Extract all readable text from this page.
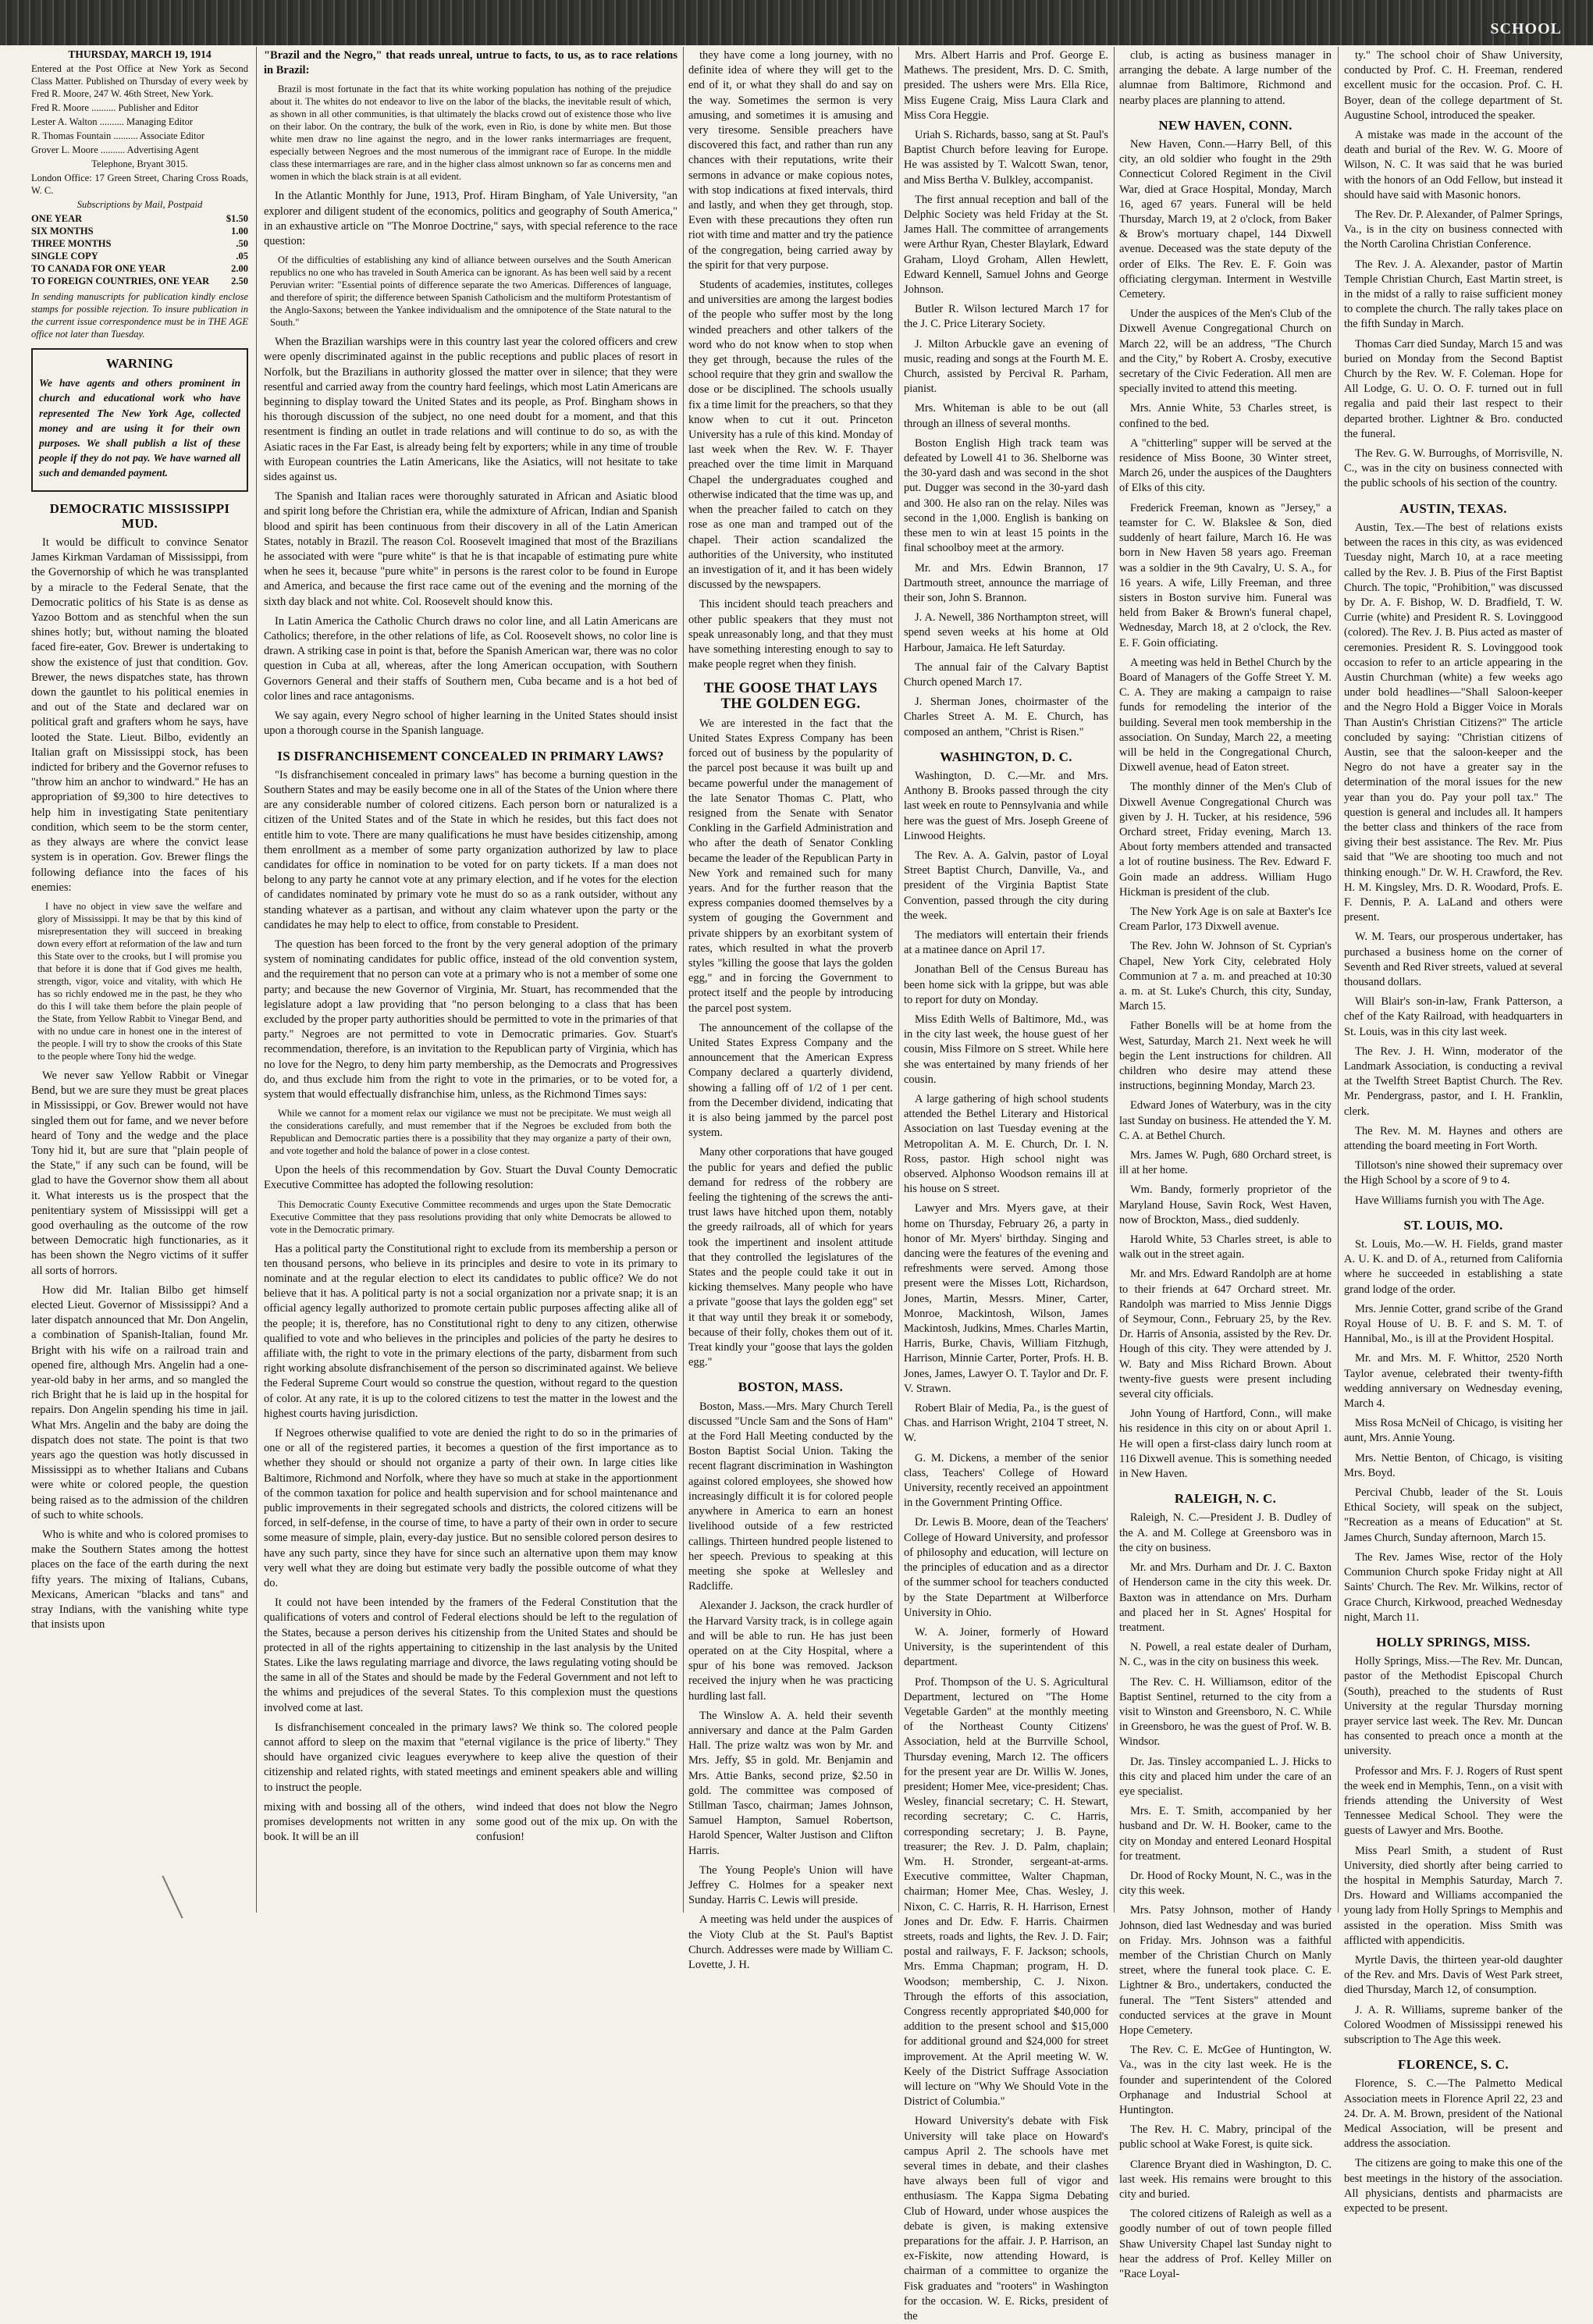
SCHOOL

THURSDAY, MARCH 19, 1914

Entered at the Post Office at New York as Second Class Matter. Published on Thursday of every week by Fred R. Moore, 247 W. 46th Street, New York.

Fred R. Moore .......... Publisher and Editor

Lester A. Walton .......... Managing Editor

R. Thomas Fountain .......... Associate Editor

Grover L. Moore .......... Advertising Agent

Telephone, Bryant 3015.

London Office: 17 Green Street, Charing Cross Roads, W. C.

Subscriptions by Mail, Postpaid

ONE YEAR	$1.50
SIX MONTHS	1.00
THREE MONTHS	.50
SINGLE COPY	.05
TO CANADA FOR ONE YEAR	2.00
TO FOREIGN COUNTRIES, ONE YEAR 2.50

In sending manuscripts for publication kindly enclose stamps for possible rejection. To insure publication in the current issue correspondence must be in THE AGE office not later than Tuesday.

WARNING

We have agents and others prominent in church and educational work who have represented The New York Age, collected money and are using it for their own purposes. We shall publish a list of these people if they do not pay. We have warned all such and demanded payment.

DEMOCRATIC MISSISSIPPI MUD.

It would be difficult to convince Senator James Kirkman Vardaman of Mississippi, from the Governorship of which he was transplanted by a miracle to the Federal Senate, that the Democratic politics of his State is as dense as Yazoo Bottom and as stenchful when the sun shines hotly; but, without naming the bloated faced fire-eater, Gov. Brewer is undertaking to show the existence of just that condition. Gov. Brewer, the news dispatches state, has thrown down the gauntlet to his political enemies in and out of the State and declared war on political graft and grafters whom he says, have looted the State. Lieut. Bilbo, evidently an Italian graft on Mississippi stock, has been indicted for bribery and the Governor refuses to "throw him an anchor to windward." He has an appropriation of $9,300 to hire detectives to help him in investigating State penitentiary condition, which seem to be the storm center, as they always are where the convict lease system is in operation. Gov. Brewer flings the following defiance into the faces of his enemies:

I have no object in view save the welfare and glory of Mississippi. It may be that by this kind of misrepresentation they will succeed in breaking down every effort at reformation of the law and turn this State over to the crooks, but I will promise you that before it is done that if God gives me health, strength, vigor, voice and vitality, with which He has so richly endowed me in the past, he they who do this I will take them before the plain people of the State, from Yellow Rabbit to Vinegar Bend, and with no undue care in honest one in the interest of the people. I will try to show the crooks of this State to the people where Tony hid the wedge.

We never saw Yellow Rabbit or Vinegar Bend, but we are sure they must be great places in Mississippi, or Gov. Brewer would not have singled them out for fame, and we never before heard of Tony and the wedge and the place Tony hid it, but are sure that "plain people of the State," if any such can be found, will be glad to have the Governor show them all about it. What interests us is the prospect that the penitentiary system of Mississippi will get a good overhauling as the outcome of the row between Democratic high functionaries, as it has been shown the Negro victims of it suffer all sorts of horrors.

How did Mr. Italian Bilbo get himself elected Lieut. Governor of Mississippi? And a later dispatch announced that Mr. Don Angelin, a combination of Spanish-Italian, found Mr. Bright with his wife on a railroad train and opened fire, although Mrs. Angelin had a one-year-old baby in her arms, and so mangled the rich Bright that he is laid up in the hospital for repairs. Don Angelin spending his time in jail. What Mrs. Angelin and the baby are doing the dispatch does not state. The point is that two years ago the question was hotly discussed in Mississippi as to whether Italians and Cubans were white or colored people, the question being raised as to the admission of the children of such to white schools.

Who is white and who is colored promises to make the Southern States among the hottest places on the face of the earth during the next fifty years. The mixing of Italians, Cubans, Mexicans, American "blacks and tans" and stray Indians, with the vanishing white type that insists upon

"Brazil and the Negro," that reads unreal, untrue to facts, to us, as to race relations in Brazil:

Brazil is most fortunate in the fact that its white working population has nothing of the prejudice about it. The whites do not endeavor to live on the labor of the blacks, the inevitable result of which, as shown in all other communities, is that ultimately the blacks crowd out of existence those who live on their labor. On the contrary, the bulk of the work, even in Rio, is done by white men. But those white men draw no line against the negro, and in the lower ranks intermarriages are frequent, especially between Negroes and the most numerous of the immigrant race of Europe. In the middle class these intermarriages are rare, and in the higher class almost unknown so far as concerns men and women in which the black strain is at all evident.

In the Atlantic Monthly for June, 1913, Prof. Hiram Bingham, of Yale University, "an explorer and diligent student of the economics, politics and geography of South America," in an exhaustive article on "The Monroe Doctrine," says, with special reference to the race question:

Of the difficulties of establishing any kind of alliance between ourselves and the South American republics no one who has traveled in South America can be ignorant. As has been well said by a recent Peruvian writer: "Essential points of difference separate the two Americas. Differences of language, and therefore of spirit; the difference between Spanish Catholicism and the multiform Protestantism of the Anglo-Saxons; between the Yankee individualism and the omnipotence of the State natural to the South."

When the Brazilian warships were in this country last year the colored officers and crew were openly discriminated against in the public receptions and public places of resort in Norfolk, but the Brazilians in authority glossed the matter over in silence; that they were resentful and carried away from the country hard feelings, which most Latin Americans are beginning to display toward the United States and its people, as Prof. Bingham shows in his thorough discussion of the subject, no one need doubt for a moment, and that this resentment is finding an outlet in trade relations and will continue to do so, as with the Asiatic races in the Far East, is already being felt by exporters; while in any time of trouble with European countries the Latin Americans, like the Asiatics, will not hesitate to take sides against us.

The Spanish and Italian races were thoroughly saturated in African and Asiatic blood and spirit long before the Christian era, while the admixture of African, Indian and Spanish blood and spirit has been continuous from their discovery in all of the Latin American States, notably in Brazil. The reason Col. Roosevelt imagined that most of the Brazilians he associated with were "pure white" is that he is that incapable of estimating pure white when he sees it, because "pure white" in persons is the rarest color to be found in Europe and America, and because the first race came out of the evening and the morning of the sixth day black and not white. Col. Roosevelt should know this.

In Latin America the Catholic Church draws no color line, and all Latin Americans are Catholics; therefore, in the other relations of life, as Col. Roosevelt shows, no color line is drawn. A striking case in point is that, before the Spanish American war, there was no color question in Cuba at all, whereas, after the long American occupation, with Southern Governors General and their staffs of Southern men, Cuba became and is a hot bed of color lines and race antagonisms.

We say again, every Negro school of higher learning in the United States should insist upon a thorough course in the Spanish language.

IS DISFRANCHISEMENT CONCEALED IN PRIMARY LAWS?

"Is disfranchisement concealed in primary laws" has become a burning question in the Southern States and may be easily become one in all of the States of the Union where there are any considerable number of colored citizens. Each person born or naturalized is a citizen of the United States and of the State in which he resides, but this fact does not entitle him to vote. There are many qualifications he must have besides citizenship, among them enrollment as a member of some party organization authorized by law to place candidates for office in nomination to be voted for on party tickets. If a man does not belong to any party he cannot vote at any primary election, and if he votes for the election of candidates nominated by primary vote he must do so as a rank outsider, without any standing whatever as a partisan, and without any claim whatever upon the party or the candidates he may help to elect to office, from constable to President.

The question has been forced to the front by the very general adoption of the primary system of nominating candidates for public office, instead of the old convention system, and the requirement that no person can vote at a primary who is not a member of some one party; and because the new Governor of Virginia, Mr. Stuart, has recommended that the legislature adopt a law providing that "no person belonging to a class that has been excluded by the proper party authorities should be permitted to vote in the primaries of that party." Negroes are not permitted to vote in Democratic primaries. Gov. Stuart's recommendation, therefore, is an invitation to the Republican party of Virginia, which has no love for the Negro, to deny him party membership, as the Democrats and Progressives do, and thus exclude him from the right to vote in the primaries, or to be voted for, a system that would effectually disfranchise him, unless, as the Richmond Times says:

While we cannot for a moment relax our vigilance we must not be precipitate. We must weigh all the considerations carefully, and must remember that if the Negroes be excluded from both the Republican and Democratic parties there is a possibility that they may organize a party of their own, and vote together and hold the balance of power in a close contest.

Upon the heels of this recommendation by Gov. Stuart the Duval County Democratic Executive Committee has adopted the following resolution:

This Democratic County Executive Committee recommends and urges upon the State Democratic Executive Committee that they pass resolutions providing that only white Democrats be allowed to vote in the Democratic primary.

Has a political party the Constitutional right to exclude from its membership a person or ten thousand persons, who believe in its principles and desire to vote in its primary to nominate and at the regular election to elect its candidates to public office? We do not believe that it has. A political party is not a social organization nor a private snap; it is an official agency legally authorized to promote certain public purposes affecting alike all of the people; it is, therefore, has no Constitutional right to deny to any citizen, otherwise qualified to vote and who believes in the principles and policies of the party he desires to affiliate with, the right to vote in the primary elections of the party, disbarment from such right working absolute disfranchisement of the person so discriminated against. We believe the Federal Supreme Court would so construe the question, without regard to the question of color. At any rate, it is up to the colored citizens to test the matter in the lowest and the highest courts having jurisdiction.

If Negroes otherwise qualified to vote are denied the right to do so in the primaries of one or all of the registered parties, it becomes a question of the first importance as to whether they should or should not organize a party of their own. In large cities like Baltimore, Richmond and Norfolk, where they have so much at stake in the apportionment of the common taxation for police and health supervision and for school maintenance and public improvements in their segregated schools and districts, the colored citizens will be forced, in self-defense, in the course of time, to have a party of their own in order to secure some measure of simple, plain, every-day justice. But no sensible colored person desires to have any such party, since they have for since such an alternative upon them may know very well what they are doing but estimate very badly the possible outcome of what they do.

It could not have been intended by the framers of the Federal Constitution that the qualifications of voters and control of Federal elections should be left to the regulation of the States, because a person derives his citizenship from the United States and should be protected in all of the rights appertaining to citizenship in the last analysis by the United States. Like the laws regulating marriage and divorce, the laws regulating voting should be the same in all of the States and should be made by the Federal Government and not left to the whims and prejudices of the several States. To this complexion must the questions involved come at last.

Is disfranchisement concealed in the primary laws? We think so. The colored people cannot afford to sleep on the maxim that "eternal vigilance is the price of liberty." They should have organized civic leagues everywhere to keep alive the question of their citizenship and related rights, with stated meetings and eminent speakers able and willing to instruct the people.

mixing with and bossing all of the others, promises developments not written in any book. It will be an ill

wind indeed that does not blow the Negro some good out of the mix up. On with the confusion!

they have come a long journey, with no definite idea of where they will get to the end of it, or what they shall do and say on the way. Sometimes the sermon is very amusing, and sometimes it is amusing and very tiresome. Sensible preachers have discovered this fact, and rather than run any chances with their reputations, write their sermons in advance or make copious notes, with stop indications at fixed intervals, third and lastly, and when they get through, stop. Even with these precautions they often run riot with time and matter and try the patience of the congregation, being carried away by the spirit for that very purpose.

Students of academies, institutes, colleges and universities are among the largest bodies of the people who suffer most by the long winded preachers and other talkers of the word who do not know when to stop when they get through, because the rules of the school require that they grin and swallow the dose or be disciplined. The schools usually fix a time limit for the preachers, so that they know when to cut it out. Princeton University has a rule of this kind. Monday of last week when the Rev. W. F. Thayer preached over the time limit in Marquand Chapel the undergraduates coughed and otherwise indicated that the time was up, and when the preacher failed to catch on they rose as one man and tramped out of the chapel. Their action scandalized the authorities of the University, who instituted an investigation of it, and it has been widely discussed by the newspapers.

This incident should teach preachers and other public speakers that they must not speak unreasonably long, and that they must have something interesting enough to say to make people regret when they finish.

THE GOOSE THAT LAYS THE GOLDEN EGG.

We are interested in the fact that the United States Express Company has been forced out of business by the popularity of the parcel post because it was built up and became powerful under the management of the late Senator Thomas C. Platt, who resigned from the Senate with Senator Conkling in the Garfield Administration and who after the death of Senator Conkling became the leader of the Republican Party in New York and remained such for many years. And for the further reason that the express companies doomed themselves by a system of gouging the Government and private shippers by an exorbitant system of rates, which resulted in what the proverb styles "killing the goose that lays the golden egg," and in forcing the Government to protect itself and the people by introducing the parcel post system.

The announcement of the collapse of the United States Express Company and the announcement that the American Express Company declared a quarterly dividend, showing a falling off of 1/2 of 1 per cent. from the December dividend, indicating that it is also being jammed by the parcel post system.

Many other corporations that have gouged the public for years and defied the public demand for redress of the robbery are feeling the tightening of the screws the anti-trust laws have hitched upon them, notably the greedy railroads, all of which for years took the impertinent and insolent attitude that they controlled the legislatures of the States and the people could take it out in kicking themselves. Many people who have a private "goose that lays the golden egg" set it that way until they break it or somebody, because of their folly, chokes them out of it. Treat kindly your "goose that lays the golden egg."

BOSTON, MASS.

Boston, Mass.—Mrs. Mary Church Terell discussed "Uncle Sam and the Sons of Ham" at the Ford Hall Meeting conducted by the Boston Baptist Social Union. Taking the recent flagrant discrimination in Washington against colored employees, she showed how increasingly difficult it is for colored people anywhere in America to earn an honest livelihood outside of a few restricted callings. Thirteen hundred people listened to her speech. Previous to speaking at this meeting she spoke at Wellesley and Radcliffe.

Alexander J. Jackson, the crack hurdler of the Harvard Varsity track, is in college again and will be able to run. He has just been operated on at the City Hospital, where a spur of his bone was removed. Jackson received the injury when he was practicing hurdling last fall.

The Winslow A. A. held their seventh anniversary and dance at the Palm Garden Hall. The prize waltz was won by Mr. and Mrs. Jeffy, $5 in gold. Mr. Benjamin and Mrs. Attie Banks, second prize, $2.50 in gold. The committee was composed of Stillman Tasco, chairman; James Johnson, Samuel Hampton, Samuel Robertson, Harold Spencer, Walter Justison and Clifton Harris.

The Young People's Union will have Jeffrey C. Holmes for a speaker next Sunday. Harris C. Lewis will preside.

A meeting was held under the auspices of the Vioty Club at the St. Paul's Baptist Church. Addresses were made by William C. Lovette, J. H.

Mrs. Albert Harris and Prof. George E. Mathews. The president, Mrs. D. C. Smith, presided. The ushers were Mrs. Ella Rice, Miss Eugene Craig, Miss Laura Clark and Miss Cora Heggie.

Uriah S. Richards, basso, sang at St. Paul's Baptist Church before leaving for Europe. He was assisted by T. Walcott Swan, tenor, and Miss Bertha V. Bulkley, accompanist.

The first annual reception and ball of the Delphic Society was held Friday at the St. James Hall. The committee of arrangements were Arthur Ryan, Chester Blaylark, Edward Graham, Lloyd Groham, Allen Hewlett, Edward Kennell, Samuel Johns and George Johnson.

Butler R. Wilson lectured March 17 for the J. C. Price Literary Society.

J. Milton Arbuckle gave an evening of music, reading and songs at the Fourth M. E. Church, assisted by Percival R. Parham, pianist.

Mrs. Whiteman is able to be out (all through an illness of several months.

Boston English High track team was defeated by Lowell 41 to 36. Shelborne was the 30-yard dash and was second in the shot put. Dugger was second in the 30-yard dash and 300. He also ran on the relay. Niles was second in the 1,000. English is banking on these men to win at least 15 points in the final schoolboy meet at the armory.

Mr. and Mrs. Edwin Brannon, 17 Dartmouth street, announce the marriage of their son, John S. Brannon.

J. A. Newell, 386 Northampton street, will spend seven weeks at his home at Old Harbour, Jamaica. He left Saturday.

The annual fair of the Calvary Baptist Church opened March 17.

J. Sherman Jones, choirmaster of the Charles Street A. M. E. Church, has composed an anthem, "Christ is Risen."

WASHINGTON, D. C.

Washington, D. C.—Mr. and Mrs. Anthony B. Brooks passed through the city last week en route to Pennsylvania and while here was the guest of Mrs. Joseph Greene of Linwood Heights.

The Rev. A. A. Galvin, pastor of Loyal Street Baptist Church, Danville, Va., and president of the Virginia Baptist State Convention, passed through the city during the week.

The mediators will entertain their friends at a matinee dance on April 17.

Jonathan Bell of the Census Bureau has been home sick with la grippe, but was able to report for duty on Monday.

Miss Edith Wells of Baltimore, Md., was in the city last week, the house guest of her cousin, Miss Filmore on S street. While here she was entertained by many friends of her cousin.

A large gathering of high school students attended the Bethel Literary and Historical Association on last Tuesday evening at the Metropolitan A. M. E. Church, Dr. I. N. Ross, pastor. High school night was observed. Alphonso Woodson remains ill at his house on S street.

Lawyer and Mrs. Myers gave, at their home on Thursday, February 26, a party in honor of Mr. Myers' birthday. Singing and dancing were the features of the evening and refreshments were served. Among those present were the Misses Lott, Richardson, Jones, Martin, Messrs. Miner, Carter, Monroe, Mackintosh, Wilson, James Mackintosh, Judkins, Mmes. Charles Martin, Harris, Burke, Chavis, William Fitzhugh, Harrison, Minnie Carter, Porter, Profs. H. B. Jones, James, Lawyer O. T. Taylor and Dr. F. V. Strawn.

Robert Blair of Media, Pa., is the guest of Chas. and Harrison Wright, 2104 T street, N. W.

G. M. Dickens, a member of the senior class, Teachers' College of Howard University, recently received an appointment in the Government Printing Office.

Dr. Lewis B. Moore, dean of the Teachers' College of Howard University, and professor of philosophy and education, will lecture on the principles of education and as a director of the summer school for teachers conducted by the State Department at Wilberforce University in Ohio.

W. A. Joiner, formerly of Howard University, is the superintendent of this department.

Prof. Thompson of the U. S. Agricultural Department, lectured on "The Home Vegetable Garden" at the monthly meeting of the Northeast County Citizens' Association, held at the Burrville School, Thursday evening, March 12. The officers for the present year are Dr. Willis W. Jones, president; Homer Mee, vice-president; Chas. Wesley, financial secretary; C. H. Stewart, recording secretary; C. C. Harris, corresponding secretary; J. B. Payne, treasurer; the Rev. J. D. Palm, chaplain; Wm. H. Stronder, sergeant-at-arms. Executive committee, Walter Chapman, chairman; Homer Mee, Chas. Wesley, J. Nixon, C. C. Harris, R. H. Harrison, Ernest Jones and Dr. Edw. F. Harris. Chairmen streets, roads and lights, the Rev. J. D. Fair; postal and railways, F. F. Jackson; schools, Mrs. Emma Chapman; program, H. D. Woodson; membership, C. J. Nixon. Through the efforts of this association, Congress recently appropriated $40,000 for addition to the present school and $15,000 for additional ground and $24,000 for street improvement. At the April meeting W. W. Keely of the District Suffrage Association will lecture on "Why We Should Vote in the District of Columbia."

Howard University's debate with Fisk University will take place on Howard's campus April 2. The schools have met several times in debate, and their clashes have always been full of vigor and enthusiasm. The Kappa Sigma Debating Club of Howard, under whose auspices the debate is given, is making extensive preparations for the affair. J. P. Harrison, an ex-Fiskite, now attending Howard, is chairman of a committee to organize the Fisk graduates and "rooters" in Washington for the occasion. W. E. Ricks, president of the

club, is acting as business manager in arranging the debate. A large number of the alumnae from Baltimore, Richmond and nearby places are planning to attend.

NEW HAVEN, CONN.

New Haven, Conn.—Harry Bell, of this city, an old soldier who fought in the 29th Connecticut Colored Regiment in the Civil War, died at Grace Hospital, Monday, March 16, aged 67 years. Funeral will be held Thursday, March 19, at 2 o'clock, from Baker & Brow's mortuary chapel, 144 Dixwell avenue. Deceased was the state deputy of the order of Elks. The Rev. E. F. Goin was officiating clergyman. Interment in Westville Cemetery.

Under the auspices of the Men's Club of the Dixwell Avenue Congregational Church on March 22, will be an address, "The Church and the City," by Robert A. Crosby, executive secretary of the Civic Federation. All men are specially invited to attend this meeting.

Mrs. Annie White, 53 Charles street, is confined to the bed.

A "chitterling" supper will be served at the residence of Miss Boone, 30 Winter street, March 26, under the auspices of the Daughters of Elks of this city.

Frederick Freeman, known as "Jersey," a teamster for C. W. Blakslee & Son, died suddenly of heart failure, March 16. He was born in New Haven 58 years ago. Freeman was a soldier in the 9th Cavalry, U. S. A., for 16 years. A wife, Lilly Freeman, and three sisters in Boston survive him. Funeral was held from Baker & Brown's funeral chapel, Wednesday, March 18, at 2 o'clock, the Rev. E. F. Goin officiating.

A meeting was held in Bethel Church by the Board of Managers of the Goffe Street Y. M. C. A. They are making a campaign to raise funds for remodeling the interior of the building. Several men took membership in the association. On Sunday, March 22, a meeting will be held in the Congregational Church, Dixwell avenue, head of Eaton street.

The monthly dinner of the Men's Club of Dixwell Avenue Congregational Church was given by J. H. Tucker, at his residence, 596 Orchard street, Friday evening, March 13. About forty members attended and transacted a lot of routine business. The Rev. Edward F. Goin made an address. William Hugo Hickman is president of the club.

The New York Age is on sale at Baxter's Ice Cream Parlor, 173 Dixwell avenue.

The Rev. John W. Johnson of St. Cyprian's Chapel, New York City, celebrated Holy Communion at 7 a. m. and preached at 10:30 a. m. at St. Luke's Church, this city, Sunday, March 15.

Father Bonells will be at home from the West, Saturday, March 21. Next week he will begin the Lent instructions for children. All children who desire may attend these instructions, beginning Monday, March 23.

Edward Jones of Waterbury, was in the city last Sunday on business. He attended the Y. M. C. A. at Bethel Church.

Mrs. James W. Pugh, 680 Orchard street, is ill at her home.

Wm. Bandy, formerly proprietor of the Maryland House, Savin Rock, West Haven, now of Brockton, Mass., died suddenly.

Harold White, 53 Charles street, is able to walk out in the street again.

Mr. and Mrs. Edward Randolph are at home to their friends at 647 Orchard street. Mr. Randolph was married to Miss Jennie Diggs of Seymour, Conn., February 25, by the Rev. Dr. Harris of Ansonia, assisted by the Rev. Dr. Hough of this city. They were attended by J. W. Baty and Miss Richard Brown. About twenty-five guests were present including several city officials.

John Young of Hartford, Conn., will make his residence in this city on or about April 1. He will open a first-class dairy lunch room at 116 Dixwell avenue. This is something needed in New Haven.

RALEIGH, N. C.

Raleigh, N. C.—President J. B. Dudley of the A. and M. College at Greensboro was in the city on business.

Mr. and Mrs. Durham and Dr. J. C. Baxton of Henderson came in the city this week. Dr. Baxton was in attendance on Mrs. Durham and placed her in St. Agnes' Hospital for treatment.

N. Powell, a real estate dealer of Durham, N. C., was in the city on business this week.

The Rev. C. H. Williamson, editor of the Baptist Sentinel, returned to the city from a visit to Winston and Greensboro, N. C. While in Greensboro, he was the guest of Prof. W. B. Windsor.

Dr. Jas. Tinsley accompanied L. J. Hicks to this city and placed him under the care of an eye specialist.

Mrs. E. T. Smith, accompanied by her husband and Dr. W. H. Booker, came to the city on Monday and entered Leonard Hospital for treatment.

Dr. Hood of Rocky Mount, N. C., was in the city this week.

Mrs. Patsy Johnson, mother of Handy Johnson, died last Wednesday and was buried on Friday. Mrs. Johnson was a faithful member of the Christian Church on Manly street, where the funeral took place. C. E. Lightner & Bro., undertakers, conducted the funeral. The "Tent Sisters" attended and conducted services at the grave in Mount Hope Cemetery.

The Rev. C. E. McGee of Huntington, W. Va., was in the city last week. He is the founder and superintendent of the Colored Orphanage and Industrial School at Huntington.

The Rev. H. C. Mabry, principal of the public school at Wake Forest, is quite sick.

Clarence Bryant died in Washington, D. C. last week. His remains were brought to this city and buried.

The colored citizens of Raleigh as well as a goodly number of out of town people filled Shaw University Chapel last Sunday night to hear the address of Prof. Kelley Miller on "Race Loyal-

ty." The school choir of Shaw University, conducted by Prof. C. H. Freeman, rendered excellent music for the occasion. Prof. C. H. Boyer, dean of the college department of St. Augustine School, introduced the speaker.

A mistake was made in the account of the death and burial of the Rev. W. G. Moore of Wilson, N. C. It was said that he was buried with the honors of an Odd Fellow, but instead it should have said with Masonic honors.

The Rev. Dr. P. Alexander, of Palmer Springs, Va., is in the city on business connected with the North Carolina Christian Conference.

The Rev. J. A. Alexander, pastor of Martin Temple Christian Church, East Martin street, is in the midst of a rally to raise sufficient money to complete the church. The rally takes place on the fifth Sunday in March.

Thomas Carr died Sunday, March 15 and was buried on Monday from the Second Baptist Church by the Rev. W. F. Coleman. Hope for All Lodge, G. U. O. O. F. turned out in full regalia and paid their last respect to their departed brother. Lightner & Bro. conducted the funeral.

The Rev. G. W. Burroughs, of Morrisville, N. C., was in the city on business connected with the public schools of his section of the country.

AUSTIN, TEXAS.

Austin, Tex.—The best of relations exists between the races in this city, as was evidenced Tuesday night, March 10, at a race meeting called by the Rev. J. B. Pius of the First Baptist Church. The topic, "Prohibition," was discussed by Dr. A. F. Bishop, W. D. Bradfield, T. W. Currie (white) and President R. S. Lovinggood (colored). The Rev. J. B. Pius acted as master of ceremonies. President R. S. Lovinggood took occasion to refer to an article appearing in the Austin Churchman (white) a few weeks ago under bold headlines—"Shall Saloon-keeper and the Negro Hold a Bigger Voice in Morals Than Austin's Christian Citizens?" The article concluded by saying: "Christian citizens of Austin, see that the saloon-keeper and the Negro do not have a greater say in the determination of the moral issues for the new year than you do. Pay your poll tax." The question is general and includes all. It hampers the better class and thinkers of the race from giving their best assistance. The Rev. Mr. Pius said that "We are shooting too much and not thinking enough." Dr. W. H. Crawford, the Rev. H. M. Kingsley, Mrs. D. R. Woodard, Profs. E. F. Dennis, P. A. LaLand and others were present.

W. M. Tears, our prosperous undertaker, has purchased a business home on the corner of Seventh and Red River streets, valued at several thousand dollars.

Will Blair's son-in-law, Frank Patterson, a chef of the Katy Railroad, with headquarters in St. Louis, was in this city last week.

The Rev. J. H. Winn, moderator of the Landmark Association, is conducting a revival at the Twelfth Street Baptist Church. The Rev. Mr. Pendergrass, pastor, and I. H. Franklin, clerk.

The Rev. M. M. Haynes and others are attending the board meeting in Fort Worth.

Tillotson's nine showed their supremacy over the High School by a score of 9 to 4.

Have Williams furnish you with The Age.

ST. LOUIS, MO.

St. Louis, Mo.—W. H. Fields, grand master A. U. K. and D. of A., returned from California where he succeeded in establishing a state grand lodge of the order.

Mrs. Jennie Cotter, grand scribe of the Grand Royal House of U. B. F. and S. M. T. of Hannibal, Mo., is ill at the Provident Hospital.

Mr. and Mrs. M. F. Whittor, 2520 North Taylor avenue, celebrated their twenty-fifth wedding anniversary on Wednesday evening, March 4.

Miss Rosa McNeil of Chicago, is visiting her aunt, Mrs. Annie Young.

Mrs. Nettie Benton, of Chicago, is visiting Mrs. Boyd.

Percival Chubb, leader of the St. Louis Ethical Society, will speak on the subject, "Recreation as a means of Education" at St. James Church, Sunday afternoon, March 15.

The Rev. James Wise, rector of the Holy Communion Church spoke Friday night at All Saints' Church. The Rev. Mr. Wilkins, rector of Grace Church, Kirkwood, preached Wednesday night, March 11.

HOLLY SPRINGS, MISS.

Holly Springs, Miss.—The Rev. Mr. Duncan, pastor of the Methodist Episcopal Church (South), preached to the students of Rust University at the regular Thursday morning prayer service last week. The Rev. Mr. Duncan has consented to preach once a month at the university.

Professor and Mrs. F. J. Rogers of Rust spent the week end in Memphis, Tenn., on a visit with friends attending the University of West Tennessee Medical School. They were the guests of Lawyer and Mrs. Boothe.

Miss Pearl Smith, a student of Rust University, died shortly after being carried to the hospital in Memphis Saturday, March 7. Drs. Howard and Williams accompanied the young lady from Holly Springs to Memphis and assisted in the operation. Miss Smith was afflicted with appendicitis.

Myrtle Davis, the thirteen year-old daughter of the Rev. and Mrs. Davis of West Park street, died Thursday, March 12, of consumption.

J. A. R. Williams, supreme banker of the Colored Woodmen of Mississippi renewed his subscription to The Age this week.

FLORENCE, S. C.

Florence, S. C.—The Palmetto Medical Association meets in Florence April 22, 23 and 24. Dr. A. M. Brown, president of the National Medical Association, will be present and address the association.

The citizens are going to make this one of the best meetings in the history of the association. All physicians, dentists and pharmacists are expected to be present.
